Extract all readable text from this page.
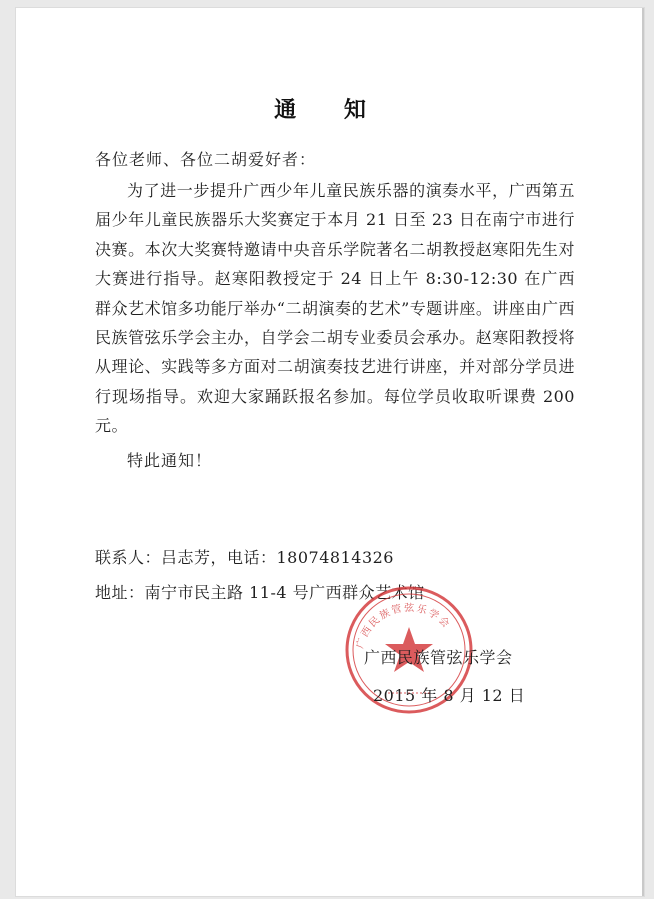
通 知
各位老师、各位二胡爱好者：
为了进一步提升广西少年儿童民族乐器的演奏水平，广西第五届少年儿童民族器乐大奖赛定于本月 21 日至 23 日在南宁市进行决赛。本次大奖赛特邀请中央音乐学院著名二胡教授赵寒阳先生对大赛进行指导。赵寒阳教授定于 24 日上午 8:30-12:30 在广西群众艺术馆多功能厅举办“二胡演奏的艺术”专题讲座。讲座由广西民族管弦乐学会主办，自学会二胡专业委员会承办。赵寒阳教授将从理论、实践等多方面对二胡演奏技艺进行讲座，并对部分学员进行现场指导。欢迎大家踊跃报名参加。每位学员收取听课费 200 元。
特此通知！
联系人：吕志芳，电话：18074814326
地址：南宁市民主路 11-4 号广西群众艺术馆
广西民族管弦乐学会
广西民族管弦乐学会
2015 年 8 月 12 日
